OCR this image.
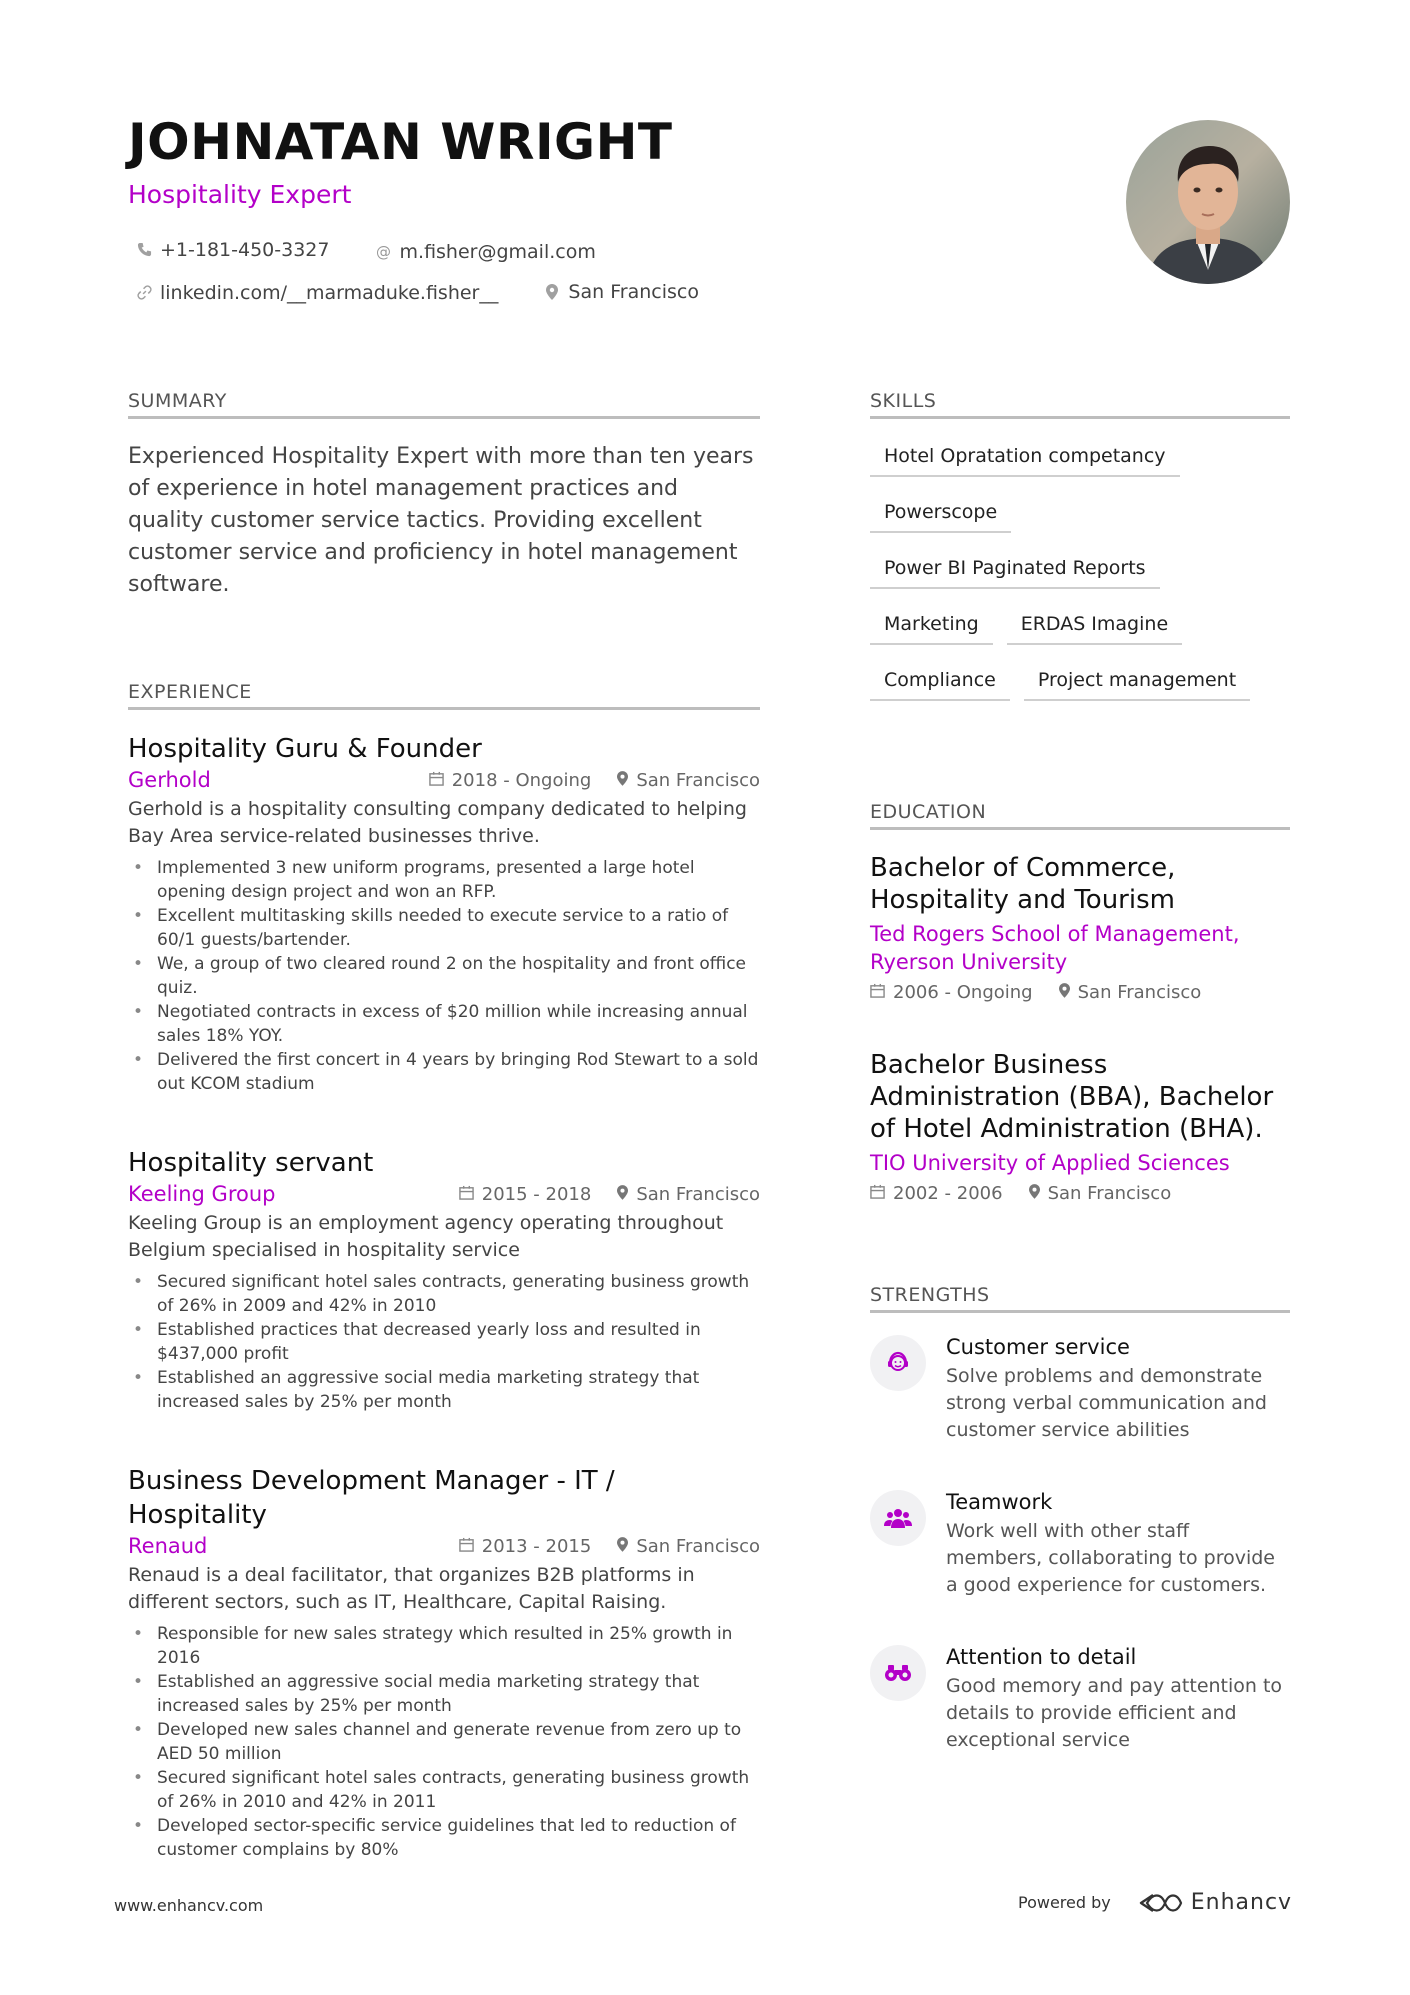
JOHNATAN WRIGHT
Hospitality Expert
+1-181-450-3327
	@ m.fisher@gmail.com

linkedin.com/__marmaduke.fisher__
	San Francisco
SUMMARY
Experienced Hospitality Expert with more than ten years of experience in hotel management practices and quality customer service tactics. Providing excellent customer service and proficiency in hotel management software.
EXPERIENCE
Hospitality Guru & Founder
Gerhold	2018 - Ongoing	San Francisco
Gerhold is a hospitality consulting company dedicated to helping Bay Area service-related businesses thrive.
• Implemented 3 new uniform programs, presented a large hotel opening design project and won an RFP.
• Excellent multitasking skills needed to execute service to a ratio of 60/1 guests/bartender.
• We, a group of two cleared round 2 on the hospitality and front office quiz.
• Negotiated contracts in excess of $20 million while increasing annual sales 18% YOY.
• Delivered the first concert in 4 years by bringing Rod Stewart to a sold out KCOM stadium
Hospitality servant
Keeling Group	2015 - 2018	San Francisco
Keeling Group is an employment agency operating throughout Belgium specialised in hospitality service
• Secured significant hotel sales contracts, generating business growth of 26% in 2009 and 42% in 2010
• Established practices that decreased yearly loss and resulted in $437,000 profit
• Established an aggressive social media marketing strategy that increased sales by 25% per month
Business Development Manager - IT / Hospitality
Renaud	2013 - 2015	San Francisco
Renaud is a deal facilitator, that organizes B2B platforms in different sectors, such as IT, Healthcare, Capital Raising.
• Responsible for new sales strategy which resulted in 25% growth in 2016
• Established an aggressive social media marketing strategy that increased sales by 25% per month
• Developed new sales channel and generate revenue from zero up to AED 50 million
• Secured significant hotel sales contracts, generating business growth of 26% in 2010 and 42% in 2011
• Developed sector-specific service guidelines that led to reduction of customer complains by 80%
SKILLS
Hotel Opratation competancy
Powerscope
Power BI Paginated Reports
Marketing	ERDAS Imagine
Compliance	Project management
EDUCATION
Bachelor of Commerce, Hospitality and Tourism
Ted Rogers School of Management, Ryerson University
2006 - Ongoing	San Francisco
Bachelor Business Administration (BBA), Bachelor of Hotel Administration (BHA).
TIO University of Applied Sciences
2002 - 2006	San Francisco
STRENGTHS
Customer service
Solve problems and demonstrate strong verbal communication and customer service abilities
Teamwork
Work well with other staff members, collaborating to provide a good experience for customers.
Attention to detail
Good memory and pay attention to details to provide efficient and exceptional service
www.enhancv.com	Powered by	Enhancv
